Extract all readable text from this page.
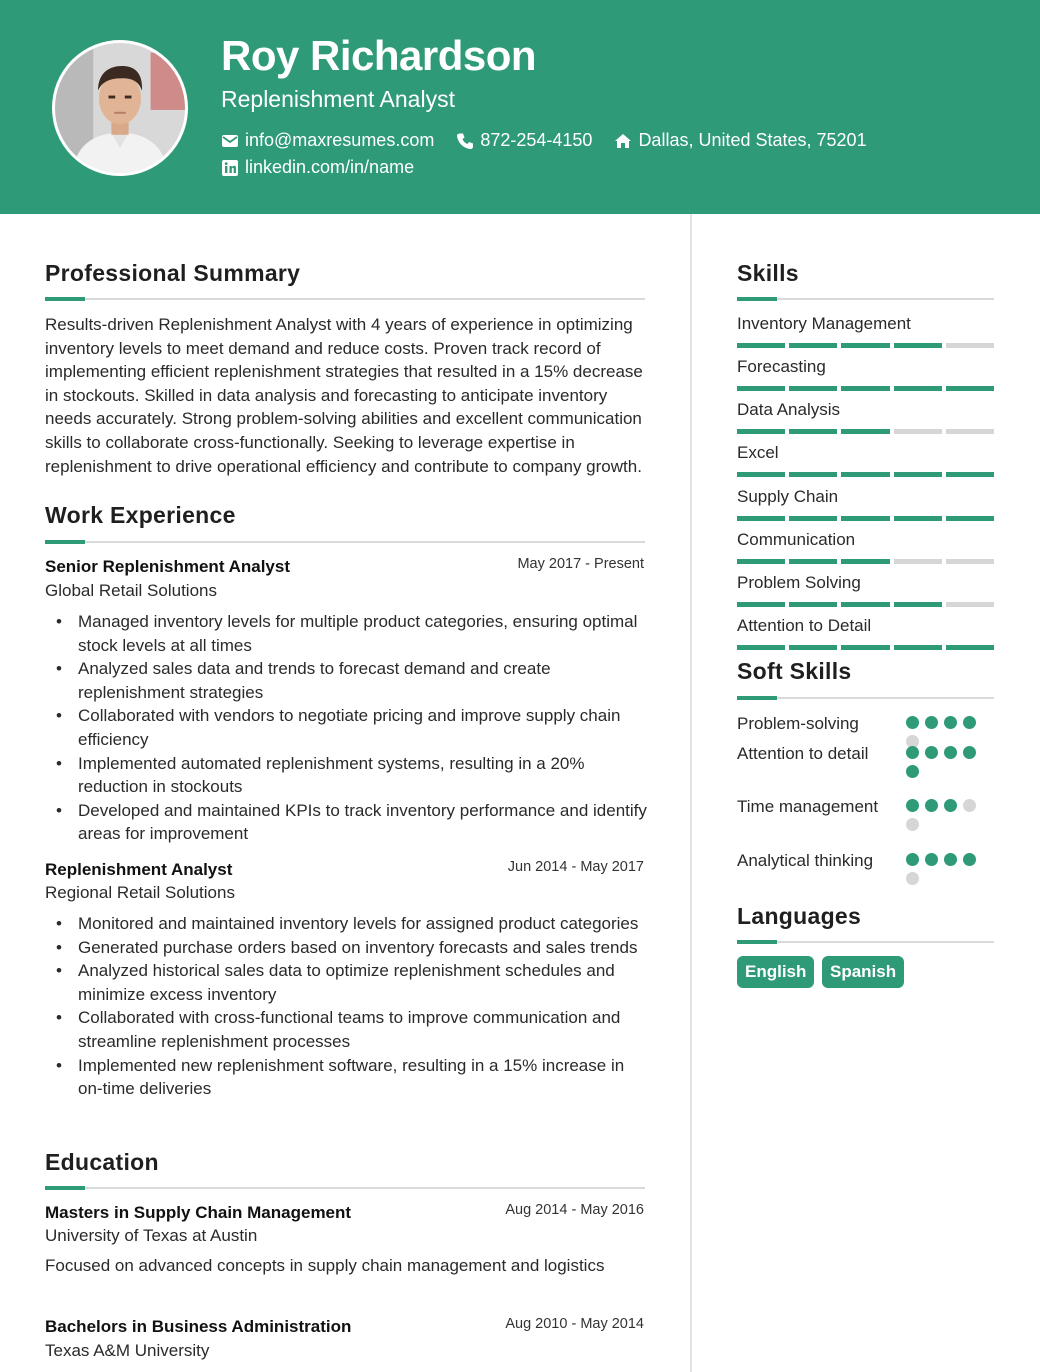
Roy Richardson
Replenishment Analyst
info@maxresumes.com	872-254-4150	Dallas, United States, 75201
linkedin.com/in/name
Professional Summary
Results-driven Replenishment Analyst with 4 years of experience in optimizing inventory levels to meet demand and reduce costs. Proven track record of implementing efficient replenishment strategies that resulted in a 15% decrease in stockouts. Skilled in data analysis and forecasting to anticipate inventory needs accurately. Strong problem-solving abilities and excellent communication skills to collaborate cross-functionally. Seeking to leverage expertise in replenishment to drive operational efficiency and contribute to company growth.
Work Experience
Senior Replenishment Analyst	May 2017 - Present
Global Retail Solutions
• Managed inventory levels for multiple product categories, ensuring optimal stock levels at all times
• Analyzed sales data and trends to forecast demand and create replenishment strategies
• Collaborated with vendors to negotiate pricing and improve supply chain efficiency
• Implemented automated replenishment systems, resulting in a 20% reduction in stockouts
• Developed and maintained KPIs to track inventory performance and identify areas for improvement
Replenishment Analyst	Jun 2014 - May 2017
Regional Retail Solutions
• Monitored and maintained inventory levels for assigned product categories
• Generated purchase orders based on inventory forecasts and sales trends
• Analyzed historical sales data to optimize replenishment schedules and minimize excess inventory
• Collaborated with cross-functional teams to improve communication and streamline replenishment processes
• Implemented new replenishment software, resulting in a 15% increase in on-time deliveries
Education
Masters in Supply Chain Management	Aug 2014 - May 2016
University of Texas at Austin
Focused on advanced concepts in supply chain management and logistics
Bachelors in Business Administration	Aug 2010 - May 2014
Texas A&M University
Skills
Inventory Management
Forecasting
Data Analysis
Excel
Supply Chain
Communication
Problem Solving
Attention to Detail
Soft Skills
Problem-solving
Attention to detail
Time management
Analytical thinking
Languages
English	Spanish
